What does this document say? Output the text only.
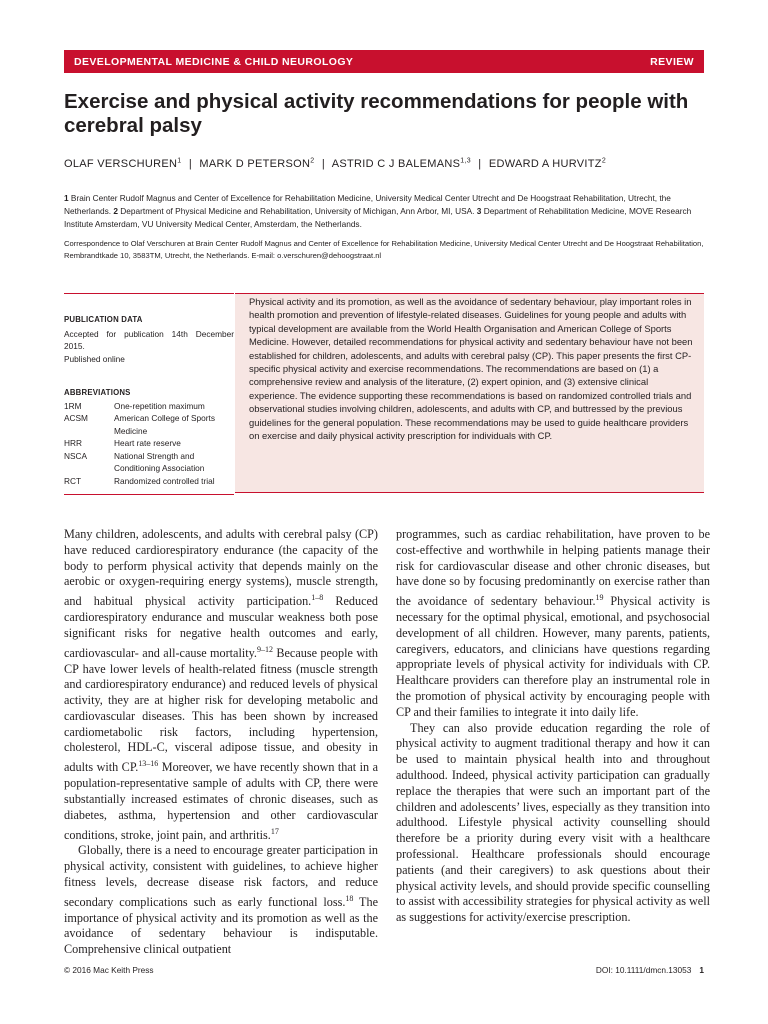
DEVELOPMENTAL MEDICINE & CHILD NEUROLOGY	REVIEW
Exercise and physical activity recommendations for people with cerebral palsy
OLAF VERSCHUREN$^1$ | MARK D PETERSON$^2$ | ASTRID C J BALEMANS$^{1,3}$ | EDWARD A HURVITZ$^2$
1 Brain Center Rudolf Magnus and Center of Excellence for Rehabilitation Medicine, University Medical Center Utrecht and De Hoogstraat Rehabilitation, Utrecht, the Netherlands. 2 Department of Physical Medicine and Rehabilitation, University of Michigan, Ann Arbor, MI, USA. 3 Department of Rehabilitation Medicine, MOVE Research Institute Amsterdam, VU University Medical Center, Amsterdam, the Netherlands.
Correspondence to Olaf Verschuren at Brain Center Rudolf Magnus and Center of Excellence for Rehabilitation Medicine, University Medical Center Utrecht and De Hoogstraat Rehabilitation, Rembrandtkade 10, 3583TM, Utrecht, the Netherlands. E-mail: o.verschuren@dehoogstraat.nl
PUBLICATION DATA
Accepted for publication 14th December 2015.
Published online
ABBREVIATIONS
1RM	One-repetition maximum
ACSM	American College of Sports Medicine
HRR	Heart rate reserve
NSCA	National Strength and Conditioning Association
RCT	Randomized controlled trial
Physical activity and its promotion, as well as the avoidance of sedentary behaviour, play important roles in health promotion and prevention of lifestyle-related diseases. Guidelines for young people and adults with typical development are available from the World Health Organisation and American College of Sports Medicine. However, detailed recommendations for physical activity and sedentary behaviour have not been established for children, adolescents, and adults with cerebral palsy (CP). This paper presents the first CP-specific physical activity and exercise recommendations. The recommendations are based on (1) a comprehensive review and analysis of the literature, (2) expert opinion, and (3) extensive clinical experience. The evidence supporting these recommendations is based on randomized controlled trials and observational studies involving children, adolescents, and adults with CP, and buttressed by the previous guidelines for the general population. These recommendations may be used to guide healthcare providers on exercise and daily physical activity prescription for individuals with CP.

Many children, adolescents, and adults with cerebral palsy (CP) have reduced cardiorespiratory endurance (the capacity of the body to perform physical activity that depends mainly on the aerobic or oxygen-requiring energy systems), muscle strength, and habitual physical activity participation.$^{1-8}$ Reduced cardiorespiratory endurance and muscular weakness both pose significant risks for negative health outcomes and early, cardiovascular- and all-cause mortality.$^{9-12}$ Because people with CP have lower levels of health-related fitness (muscle strength and cardiorespiratory endurance) and reduced levels of physical activity, they are at higher risk for developing metabolic and cardiovascular diseases. This has been shown by increased cardiometabolic risk factors, including hypertension, cholesterol, HDL-C, visceral adipose tissue, and obesity in adults with CP.$^{13-16}$ Moreover, we have recently shown that in a population-representative sample of adults with CP, there were substantially increased estimates of chronic diseases, such as diabetes, asthma, hypertension and other cardiovascular conditions, stroke, joint pain, and arthritis.$^{17}$

Globally, there is a need to encourage greater participation in physical activity, consistent with guidelines, to achieve higher fitness levels, decrease disease risk factors, and reduce secondary complications such as early functional loss.$^{18}$ The importance of physical activity and its promotion as well as the avoidance of sedentary behaviour is indisputable. Comprehensive clinical outpatient

programmes, such as cardiac rehabilitation, have proven to be cost-effective and worthwhile in helping patients manage their risk for cardiovascular disease and other chronic diseases, but have done so by focusing predominantly on exercise rather than the avoidance of sedentary behaviour.$^{19}$ Physical activity is necessary for the optimal physical, emotional, and psychosocial development of all children. However, many parents, patients, caregivers, educators, and clinicians have questions regarding appropriate levels of physical activity for individuals with CP. Healthcare providers can therefore play an instrumental role in the promotion of physical activity by encouraging people with CP and their families to integrate it into daily life.

They can also provide education regarding the role of physical activity to augment traditional therapy and how it can be used to maintain physical health into and throughout adulthood. Indeed, physical activity participation can gradually replace the therapies that were such an important part of the children and adolescents’ lives, especially as they transition into adulthood. Lifestyle physical activity counselling should therefore be a priority during every visit with a healthcare professional. Healthcare professionals should encourage patients (and their caregivers) to ask questions about their physical activity levels, and should provide specific counselling to assist with accessibility strategies for physical activity as well as suggestions for activity/exercise prescription.

© 2016 Mac Keith Press	DOI: 10.1111/dmcn.13053 1
